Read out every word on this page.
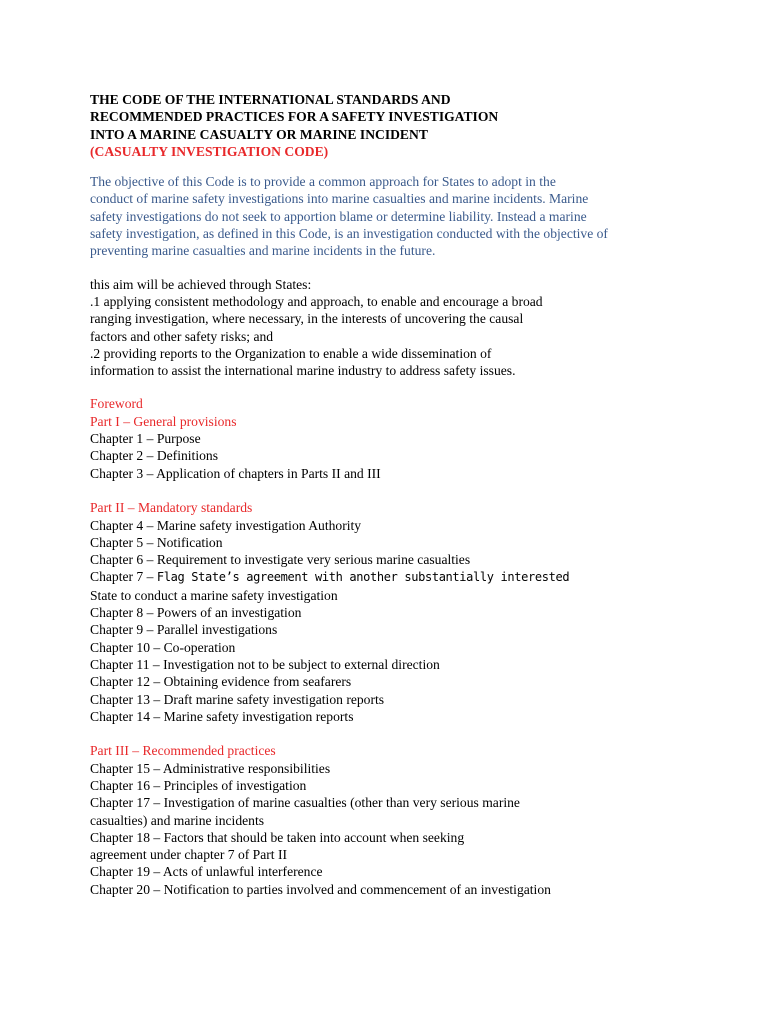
THE CODE OF THE INTERNATIONAL STANDARDS AND
RECOMMENDED PRACTICES FOR A SAFETY INVESTIGATION
INTO A MARINE CASUALTY OR MARINE INCIDENT
(CASUALTY INVESTIGATION CODE)
The objective of this Code is to provide a common approach for States to adopt in the
conduct of marine safety investigations into marine casualties and marine incidents. Marine
safety investigations do not seek to apportion blame or determine liability. Instead a marine
safety investigation, as defined in this Code, is an investigation conducted with the objective of
preventing marine casualties and marine incidents in the future.
this aim will be achieved through States:
.1 applying consistent methodology and approach, to enable and encourage a broad
ranging investigation, where necessary, in the interests of uncovering the causal
factors and other safety risks; and
.2 providing reports to the Organization to enable a wide dissemination of
information to assist the international marine industry to address safety issues.
Foreword
Part I – General provisions
Chapter 1 – Purpose
Chapter 2 – Definitions
Chapter 3 – Application of chapters in Parts II and III
Part II – Mandatory standards
Chapter 4 – Marine safety investigation Authority
Chapter 5 – Notification
Chapter 6 – Requirement to investigate very serious marine casualties
Chapter 7 – Flag State’s agreement with another substantially interested
State to conduct a marine safety investigation
Chapter 8 – Powers of an investigation
Chapter 9 – Parallel investigations
Chapter 10 – Co-operation
Chapter 11 – Investigation not to be subject to external direction
Chapter 12 – Obtaining evidence from seafarers
Chapter 13 – Draft marine safety investigation reports
Chapter 14 – Marine safety investigation reports
Part III – Recommended practices
Chapter 15 – Administrative responsibilities
Chapter 16 – Principles of investigation
Chapter 17 – Investigation of marine casualties (other than very serious marine
casualties) and marine incidents
Chapter 18 – Factors that should be taken into account when seeking
agreement under chapter 7 of Part II
Chapter 19 – Acts of unlawful interference
Chapter 20 – Notification to parties involved and commencement of an investigation
